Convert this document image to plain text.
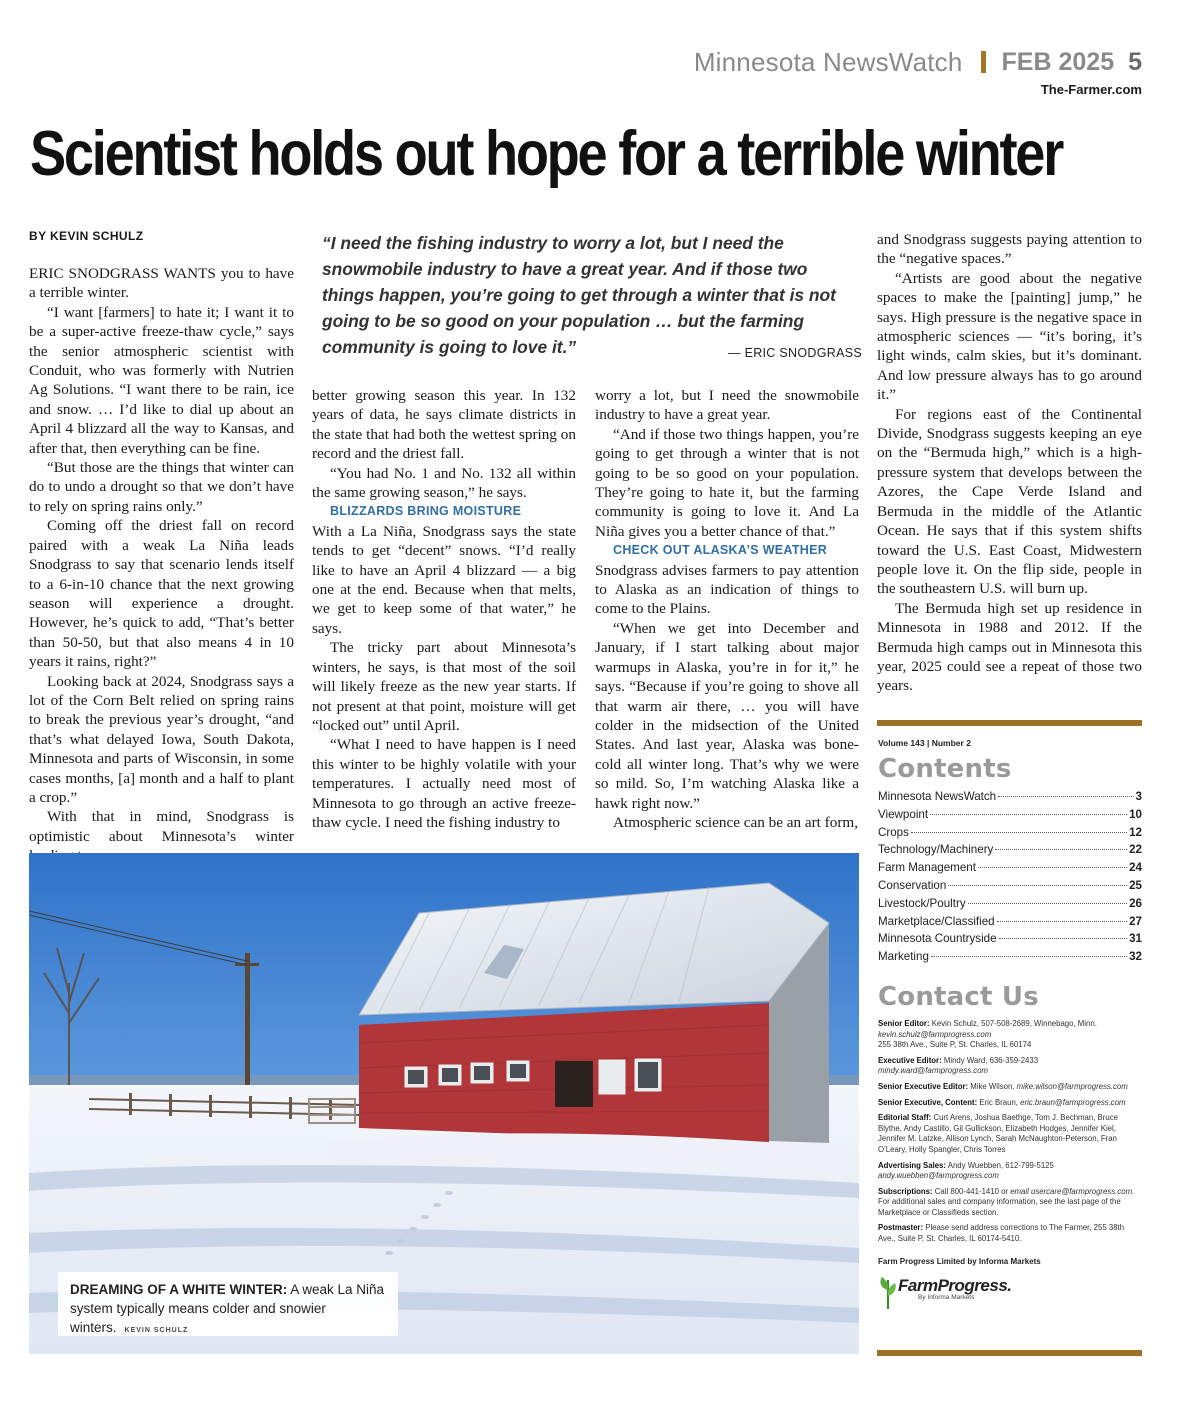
Minnesota NewsWatch FEB 2025 5
The-Farmer.com
Scientist holds out hope for a terrible winter
BY KEVIN SCHULZ	“I need the fishing industry to worry a lot, but I need the snowmobile industry to have a great year. And if those two things happen, you’re going to get through a winter that is not going to be so good on your population … but the farming community is going to love it.”	— ERIC SNODGRASS

ERIC SNODGRASS WANTS you to have a terrible winter.

“I want [farmers] to hate it; I want it to be a super-active freeze-thaw cycle,” says the senior atmospheric scientist with Conduit, who was formerly with Nutrien Ag Solutions. “I want there to be rain, ice and snow. … I’d like to dial up about an April 4 blizzard all the way to Kansas, and after that, then everything can be fine.

“But those are the things that winter can do to undo a drought so that we don’t have to rely on spring rains only.”

Coming off the driest fall on record paired with a weak La Niña leads Snodgrass to say that scenario lends itself to a 6-in-10 chance that the next growing season will experience a drought. However, he’s quick to add, “That’s better than 50-50, but that also means 4 in 10 years it rains, right?”

Looking back at 2024, Snodgrass says a lot of the Corn Belt relied on spring rains to break the previous year’s drought, “and that’s what delayed Iowa, South Dakota, Minnesota and parts of Wisconsin, in some cases months, [a] month and a half to plant a crop.”

With that in mind, Snodgrass is optimistic about Minnesota’s winter

better growing season this year. In 132 years of data, he says climate districts in the state that had both the wettest spring on record and the driest fall.

“You had No. 1 and No. 132 all within the same growing season,” he says.

BLIZZARDS BRING MOISTURE

With a La Niña, Snodgrass says the state tends to get “decent” snows. “I’d really like to have an April 4 blizzard — a big one at the end. Because when that melts, we get to keep some of that water,” he says.

The tricky part about Minnesota’s winters, he says, is that most of the soil will likely freeze as the new year starts. If not present at that point, moisture will get “locked out” until April.

“What I need to have happen is I need this winter to be highly volatile with your temperatures. I actually need most of Minnesota to go through an active freeze-thaw cycle. I need the fishing industry to

worry a lot, but I need the snowmobile industry to have a great year.

“And if those two things happen, you’re going to get through a winter that is not going to be so good on your population. They’re going to hate it, but the farming community is going to love it. And La Niña gives you a better chance of that.”

CHECK OUT ALASKA’S WEATHER

Snodgrass advises farmers to pay attention to Alaska as an indication of things to come to the Plains.

“When we get into December and January, if I start talking about major warmups in Alaska, you’re in for it,” he says. “Because if you’re going to shove all that warm air there, … you will have colder in the midsection of the United States. And last year, Alaska was bone-cold all winter long. That’s why we were so mild. So, I’m watching Alaska like a hawk right now.”

Atmospheric science can be an art form,

and Snodgrass suggests paying attention to the “negative spaces.”

“Artists are good about the negative spaces to make the [painting] jump,” he says. High pressure is the negative space in atmospheric sciences — “it’s boring, it’s light winds, calm skies, but it’s dominant. And low pressure always has to go around it.”

For regions east of the Continental Divide, Snodgrass suggests keeping an eye on the “Bermuda high,” which is a high-pressure system that develops between the Azores, the Cape Verde Island and Bermuda in the middle of the Atlantic Ocean. He says that if this system shifts toward the U.S. East Coast, Midwestern people love it. On the flip side, people in the southeastern U.S. will burn up.

The Bermuda high set up residence in Minnesota in 1988 and 2012. If the Bermuda high camps out in Minnesota this year, 2025 could see a repeat of those two years.

DREAMING OF A WHITE WINTER: A weak La Niña system typically means colder and snowier winters. KEVIN SCHULZ
Volume 143 | Number 2
Contents
Minnesota NewsWatch	3
Viewpoint	10
Crops	12
Technology/Machinery	22
Farm Management	24
Conservation	25
Livestock/Poultry	26
Marketplace/Classified	27
Minnesota Countryside	31
Marketing	32
Contact Us
Senior Editor: Kevin Schulz, 507-508-2689, Winnebago, Minn.
kevin.schulz@farmprogress.com
255 38th Ave., Suite P, St. Charles, IL 60174
Executive Editor: Mindy Ward, 636-359-2433
mindy.ward@farmprogress.com
Senior Executive Editor: Mike Wilson, mike.wilson@farmprogress.com
Senior Executive, Content: Eric Braun, eric.braun@farmprogress.com
Editorial Staff: Curt Arens, Joshua Baethge, Tom J. Bechman, Bruce Blythe, Andy Castillo, Gil Gullickson, Elizabeth Hodges, Jennifer Kiel, Jennifer M. Latzke, Allison Lynch, Sarah McNaughton-Peterson, Fran O’Leary, Holly Spangler, Chris Torres
Advertising Sales: Andy Wuebben, 612-799-5125
andy.wuebben@farmprogress.com
Subscriptions: Call 800-441-1410 or email usercare@farmprogress.com.
For additional sales and company information, see the last page of the Marketplace or Classifieds section.
Postmaster: Please send address corrections to The Farmer, 255 38th Ave., Suite P, St. Charles, IL 60174-5410.
Farm Progress Limited by Informa Markets
FarmProgress.
By Informa Markets
